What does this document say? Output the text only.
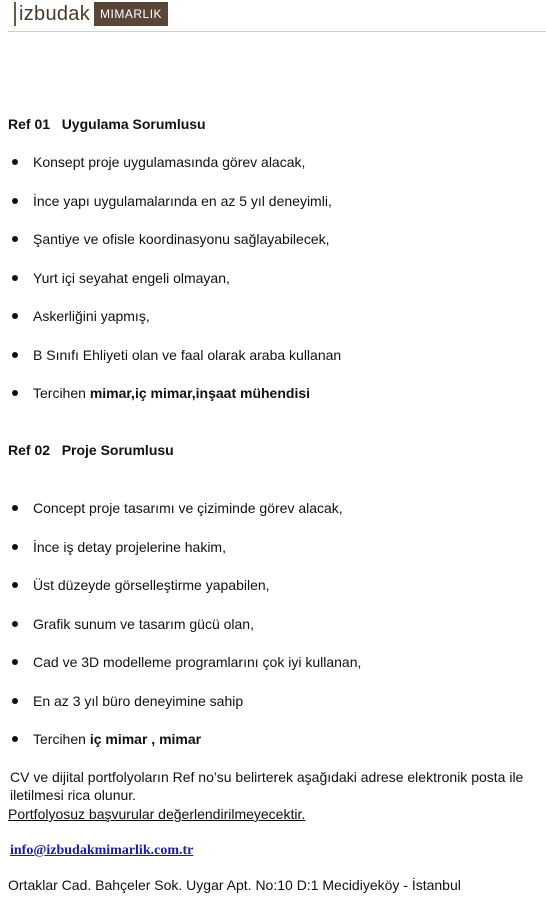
izbudak MIMARLIK
Ref 01   Uygulama Sorumlusu
Konsept proje uygulamasında görev alacak,
İnce yapı uygulamalarında en az 5 yıl deneyimli,
Şantiye ve ofisle koordinasyonu sağlayabilecek,
Yurt içi seyahat engeli olmayan,
Askerliğini yapmış,
B Sınıfı Ehliyeti olan ve faal olarak araba kullanan
Tercihen mimar,iç mimar,inşaat mühendisi
Ref 02   Proje Sorumlusu
Concept proje tasarımı ve çiziminde görev alacak,
İnce iş detay projelerine hakim,
Üst düzeyde görselleştirme yapabilen,
Grafik sunum ve tasarım gücü olan,
Cad ve 3D modelleme programlarını çok iyi kullanan,
En az 3 yıl büro deneyimine sahip
Tercihen iç mimar , mimar
CV ve dijital portfolyoların Ref no’su belirterek aşağıdaki adrese elektronik posta ile iletilmesi rica olunur.
Portfolyosuz başvurular değerlendirilmeyecektir.
info@izbudakmimarlik.com.tr
Ortaklar Cad. Bahçeler Sok. Uygar Apt. No:10 D:1 Mecidiyeköy - İstanbul
